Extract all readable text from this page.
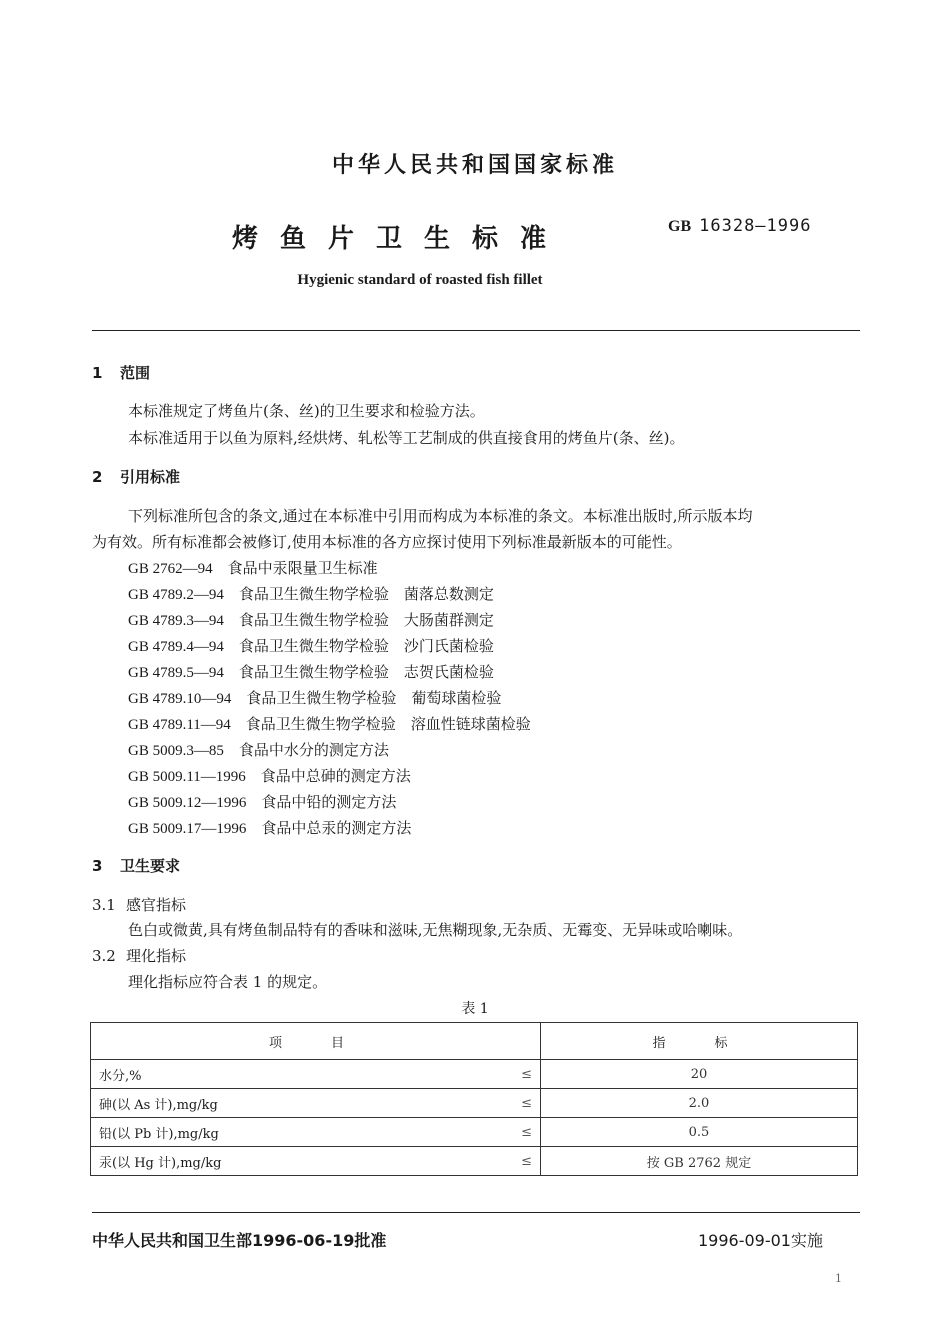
中华人民共和国国家标准
烤鱼片卫生标准	GB 16328—1996
Hygienic standard of roasted fish fillet
1 范围
本标准规定了烤鱼片(条、丝)的卫生要求和检验方法。
本标准适用于以鱼为原料,经烘烤、轧松等工艺制成的供直接食用的烤鱼片(条、丝)。
2 引用标准
下列标准所包含的条文,通过在本标准中引用而构成为本标准的条文。本标准出版时,所示版本均
为有效。所有标准都会被修订,使用本标准的各方应探讨使用下列标准最新版本的可能性。
GB 2762—94　 食品中汞限量卫生标准
GB 4789.2—94　 食品卫生微生物学检验　菌落总数测定
GB 4789.3—94　 食品卫生微生物学检验　大肠菌群测定
GB 4789.4—94　 食品卫生微生物学检验　沙门氏菌检验
GB 4789.5—94　 食品卫生微生物学检验　志贺氏菌检验
GB 4789.10—94　 食品卫生微生物学检验　葡萄球菌检验
GB 4789.11—94　 食品卫生微生物学检验　溶血性链球菌检验
GB 5009.3—85　 食品中水分的测定方法
GB 5009.11—1996　 食品中总砷的测定方法
GB 5009.12—1996　 食品中铅的测定方法
GB 5009.17—1996　 食品中总汞的测定方法
3 卫生要求
3.1 感官指标
色白或微黄,具有烤鱼制品特有的香味和滋味,无焦糊现象,无杂质、无霉变、无异味或哈喇味。
3.2 理化指标
理化指标应符合表 1 的规定。
表 1
项　目		指　标
水分,%	≤	20
砷(以 As 计),mg/kg	≤	2.0
铅(以 Pb 计),mg/kg	≤	0.5
汞(以 Hg 计),mg/kg	≤	按 GB 2762 规定
中华人民共和国卫生部1996-06-19批准	1996-09-01实施
1
